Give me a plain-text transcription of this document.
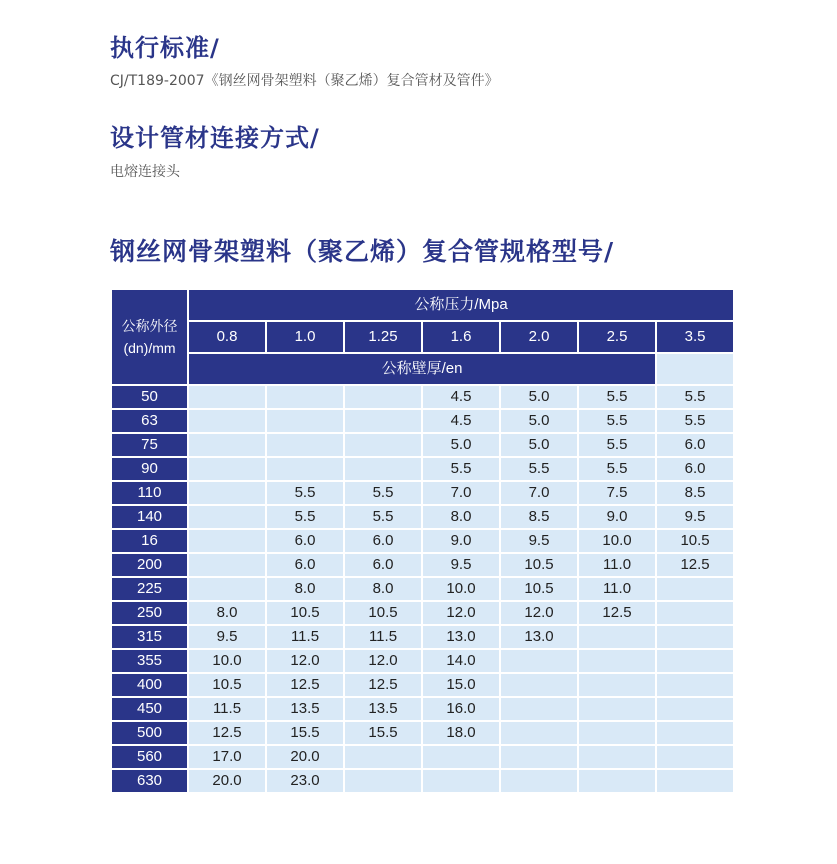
执行标准/
CJ/T189-2007《钢丝网骨架塑料（聚乙烯）复合管材及管件》
设计管材连接方式/
电熔连接头
钢丝网骨架塑料（聚乙烯）复合管规格型号/
公称外径
(dn)/mm	公称压力/Mpa						
	0.8	1.0	1.25	1.6	2.0	2.5	3.5
	公称壁厚/en						
50				4.5	5.0	5.5	5.5
63				4.5	5.0	5.5	5.5
75				5.0	5.0	5.5	6.0
90				5.5	5.5	5.5	6.0
110		5.5	5.5	7.0	7.0	7.5	8.5
140		5.5	5.5	8.0	8.5	9.0	9.5
16		6.0	6.0	9.0	9.5	10.0	10.5
200		6.0	6.0	9.5	10.5	11.0	12.5
225		8.0	8.0	10.0	10.5	11.0	
250	8.0	10.5	10.5	12.0	12.0	12.5	
315	9.5	11.5	11.5	13.0	13.0		
355	10.0	12.0	12.0	14.0			
400	10.5	12.5	12.5	15.0			
450	11.5	13.5	13.5	16.0			
500	12.5	15.5	15.5	18.0			
560	17.0	20.0					
630	20.0	23.0					
